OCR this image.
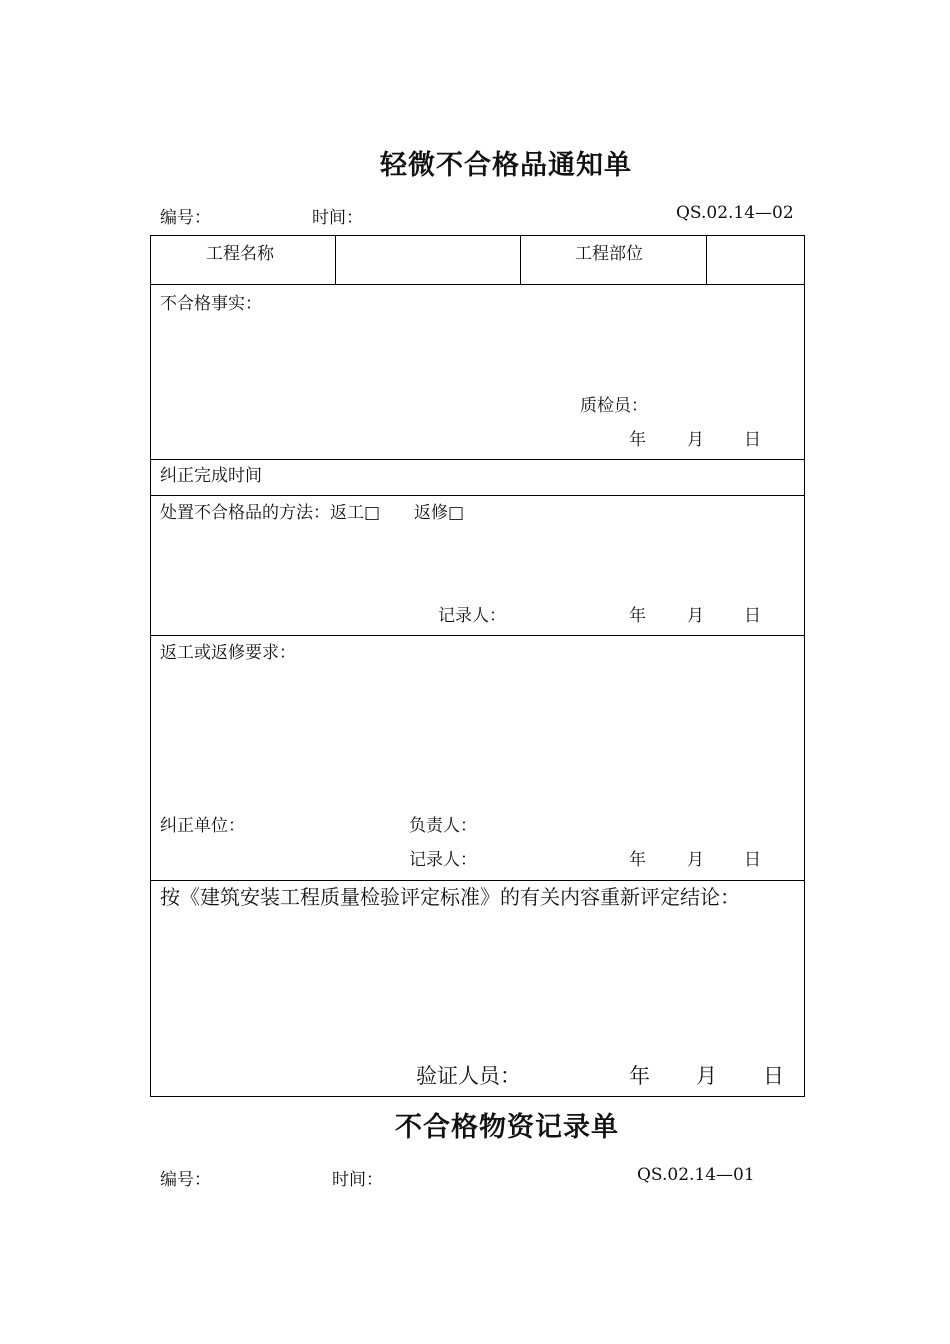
轻微不合格品通知单
编号：	时间：	QS.02.14—02
工程名称	工程部位
不合格事实：
质检员：
年 月 日
纠正完成时间
处置不合格品的方法：返工□　　返修□
记录人：	年 月 日
返工或返修要求：
纠正单位：	负责人：
记录人：	年 月 日
按《建筑安装工程质量检验评定标准》的有关内容重新评定结论：
验证人员：	年 月 日
不合格物资记录单
编号：	时间：	QS.02.14—01
